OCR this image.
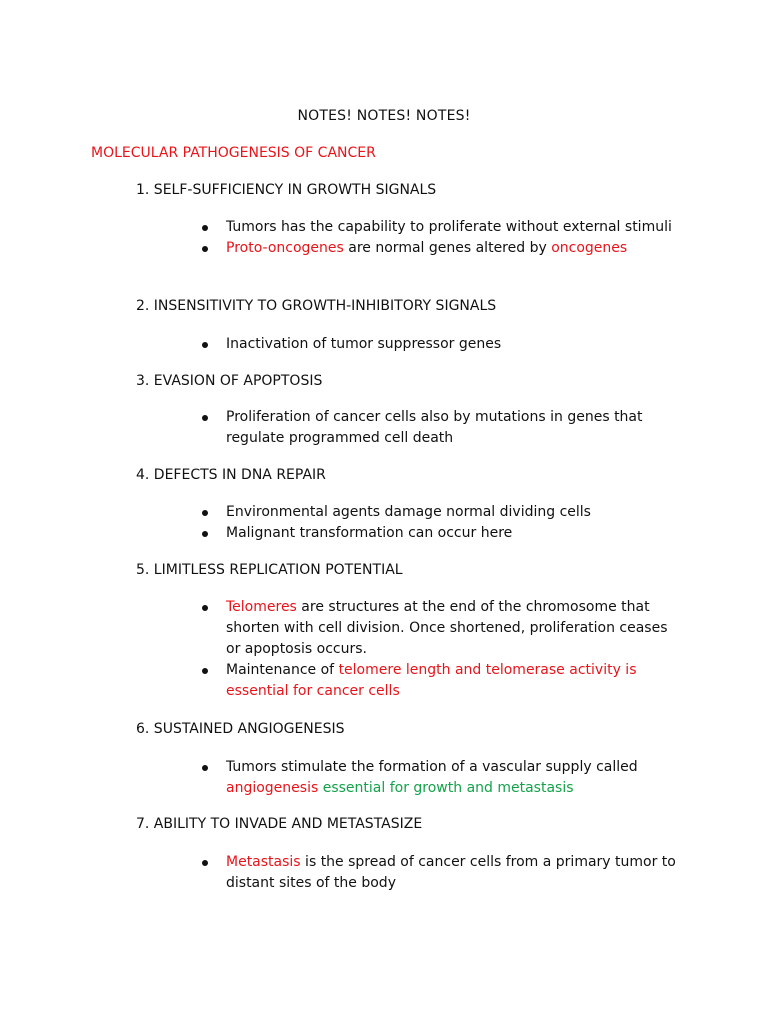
NOTES! NOTES! NOTES!
MOLECULAR PATHOGENESIS OF CANCER
1. SELF-SUFFICIENCY IN GROWTH SIGNALS
Tumors has the capability to proliferate without external stimuli
Proto-oncogenes are normal genes altered by oncogenes
2. INSENSITIVITY TO GROWTH-INHIBITORY SIGNALS
Inactivation of tumor suppressor genes
3. EVASION OF APOPTOSIS
Proliferation of cancer cells also by mutations in genes that regulate programmed cell death
4. DEFECTS IN DNA REPAIR
Environmental agents damage normal dividing cells
Malignant transformation can occur here
5. LIMITLESS REPLICATION POTENTIAL
Telomeres are structures at the end of the chromosome that shorten with cell division. Once shortened, proliferation ceases or apoptosis occurs.
Maintenance of telomere length and telomerase activity is essential for cancer cells
6. SUSTAINED ANGIOGENESIS
Tumors stimulate the formation of a vascular supply called angiogenesis essential for growth and metastasis
7. ABILITY TO INVADE AND METASTASIZE
Metastasis is the spread of cancer cells from a primary tumor to distant sites of the body
